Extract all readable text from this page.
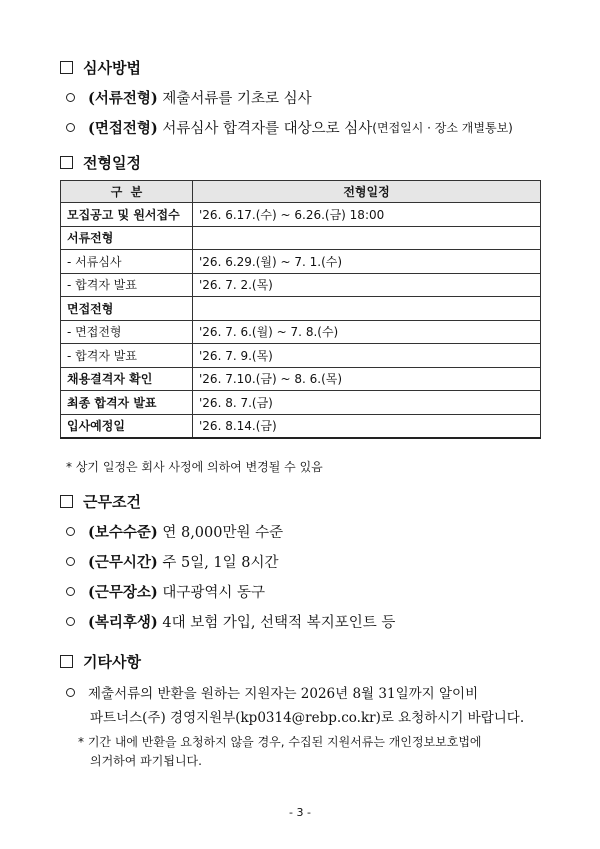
심사방법
(서류전형) 제출서류를 기초로 심사
(면접전형) 서류심사 합격자를 대상으로 심사 (면접일시 · 장소 개별통보)
전형일정
구  분	전형일정
모집공고 및 원서접수	'26. 6.17.(수) ~ 6.26.(금) 18:00
서류전형	
- 서류심사	'26. 6.29.(월) ~ 7. 1.(수)
- 합격자 발표	'26. 7. 2.(목)
면접전형	
- 면접전형	'26. 7. 6.(월) ~ 7. 8.(수)
- 합격자 발표	'26. 7. 9.(목)
채용결격자 확인	'26. 7.10.(금) ~ 8. 6.(목)
최종 합격자 발표	'26. 8. 7.(금)
입사예정일	'26. 8.14.(금)
* 상기 일정은 회사 사정에 의하여 변경될 수 있음
근무조건
(보수수준) 연 8,000만원 수준
(근무시간) 주 5일, 1일 8시간
(근무장소) 대구광역시 동구
(복리후생) 4대 보험 가입, 선택적 복지포인트 등
기타사항
제출서류의 반환을 원하는 지원자는 2026년 8월 31일까지 알이비
파트너스(주) 경영지원부(kp0314@rebp.co.kr)로 요청하시기 바랍니다.
* 기간 내에 반환을 요청하지 않을 경우, 수집된 지원서류는 개인정보보호법에
의거하여 파기됩니다.
- 3 -
